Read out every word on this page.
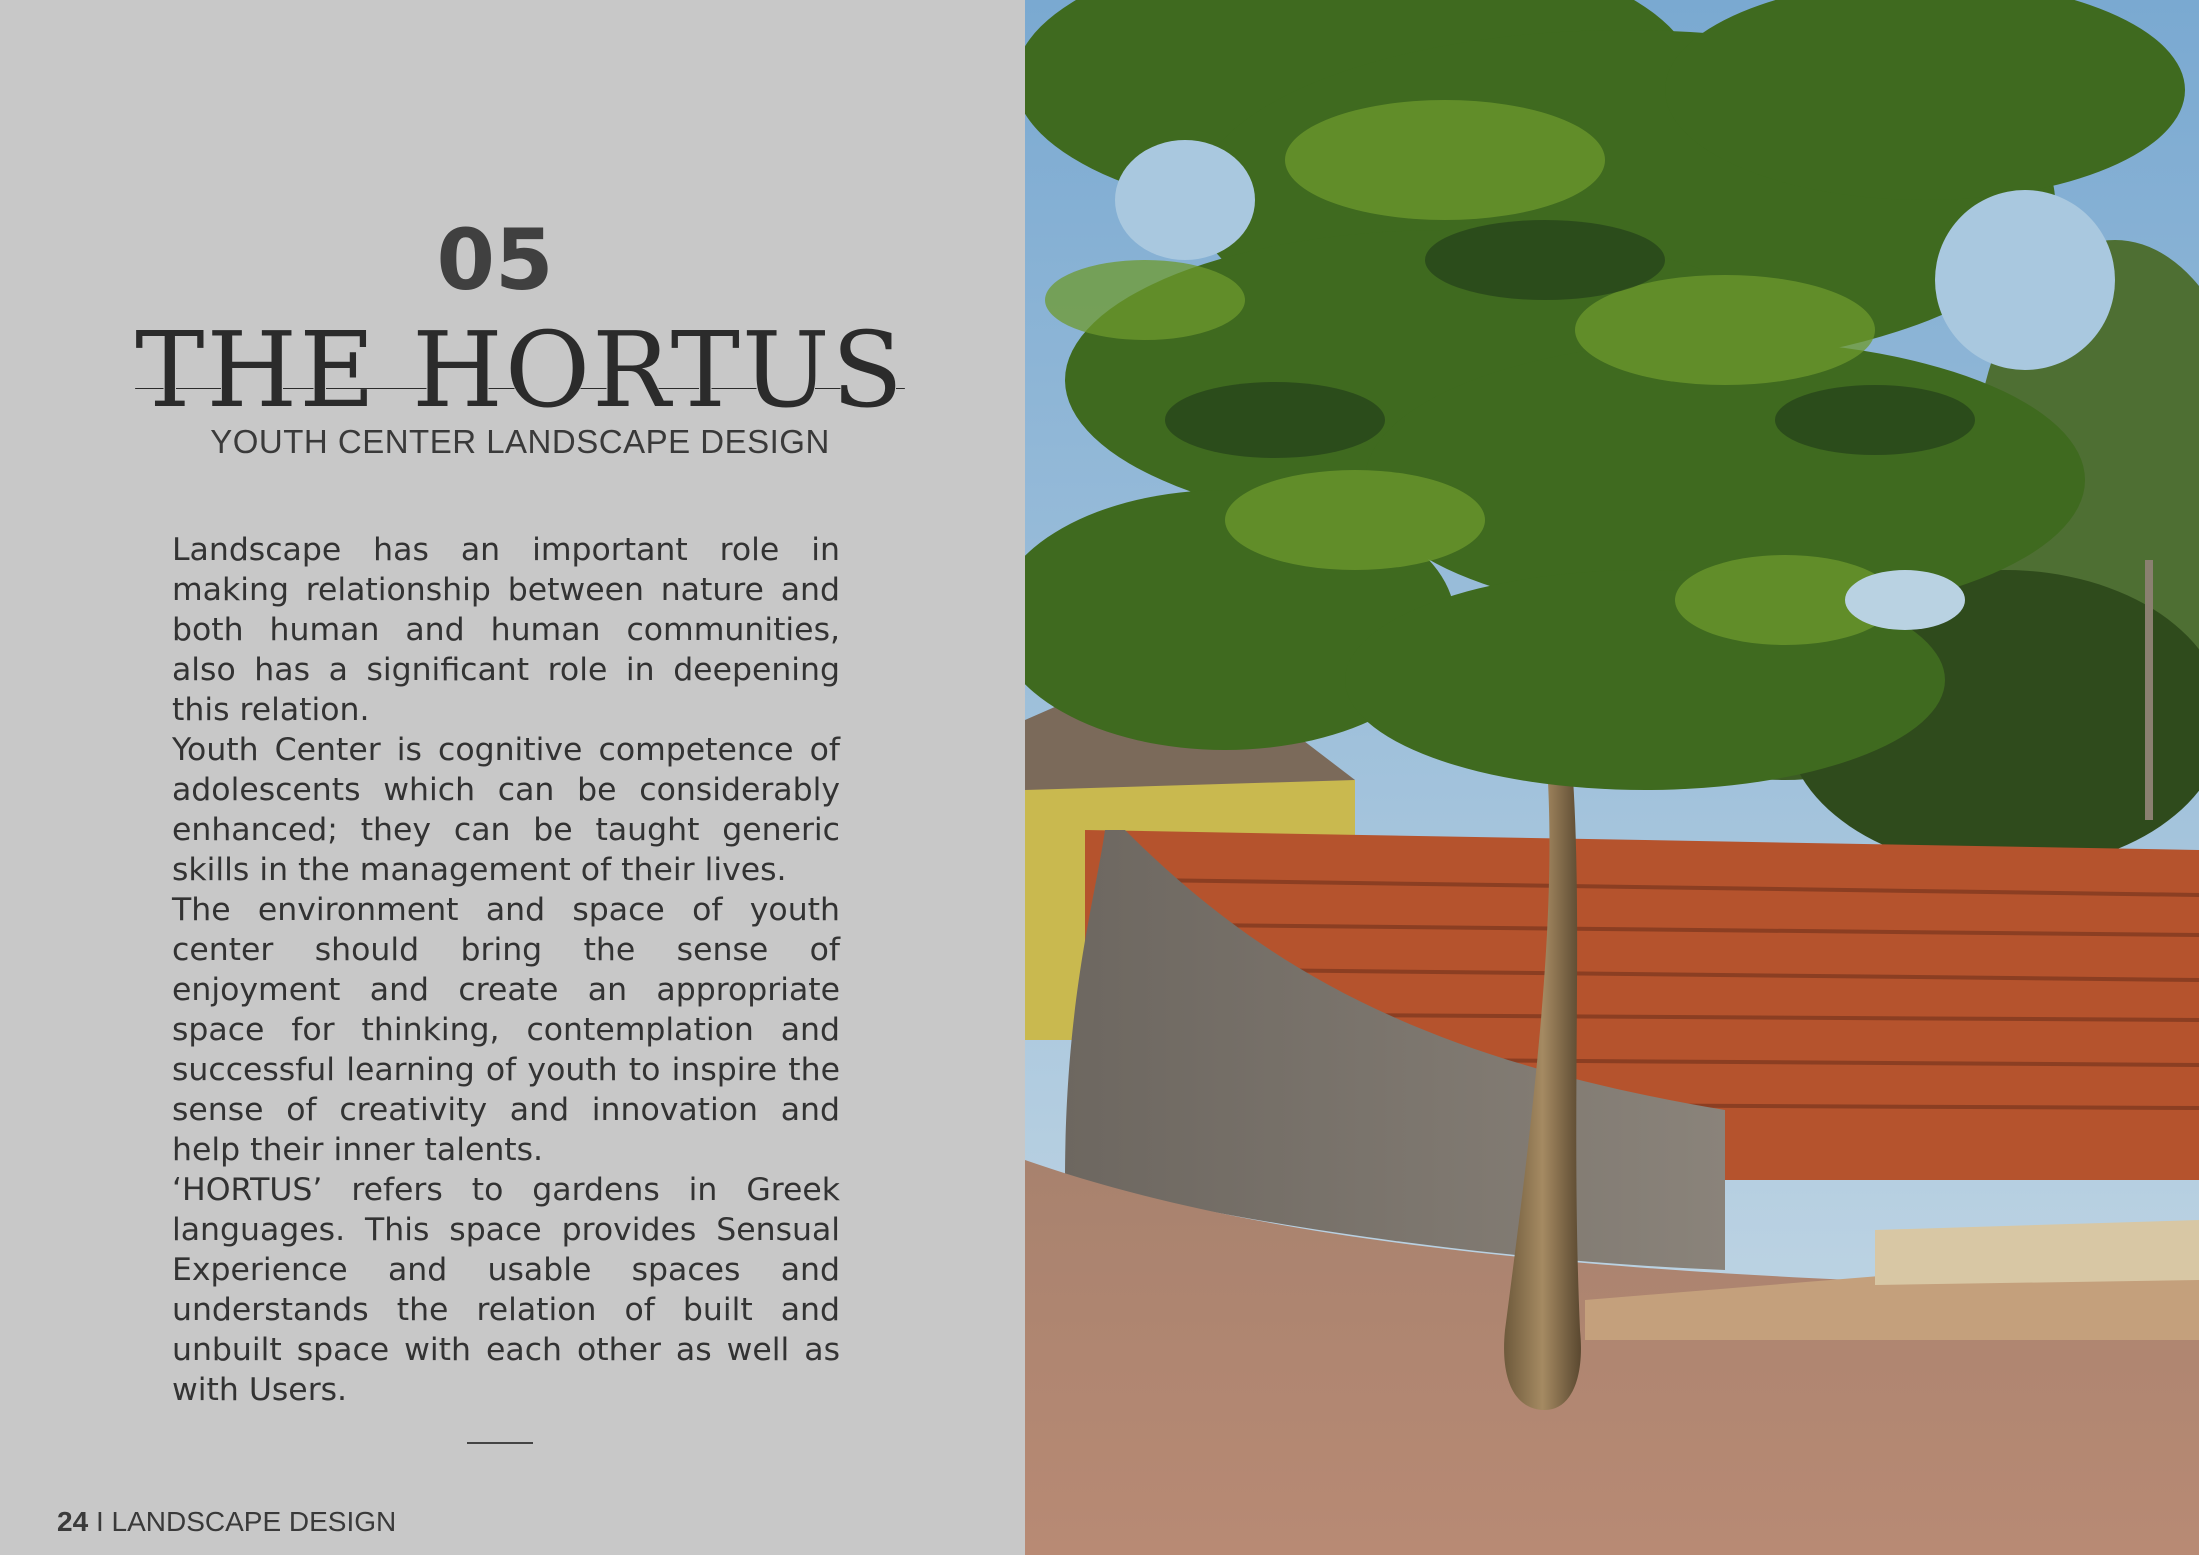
05
THE HORTUS
YOUTH CENTER LANDSCAPE DESIGN

Landscape has an important role in making relationship between nature and both human and human communities, also has a significant role in deepening this relation.

Youth Center is cognitive competence of adolescents which can be considerably enhanced; they can be taught generic skills in the management of their lives.

The environment and space of youth center should bring the sense of enjoyment and create an appropriate space for thinking, contemplation and successful learning of youth to inspire the sense of creativity and innovation and help their inner talents.

‘HORTUS’ refers to gardens in Greek languages. This space provides Sensual Experience and usable spaces and understands the relation of built and unbuilt space with each other as well as with Users.

24 I LANDSCAPE DESIGN
